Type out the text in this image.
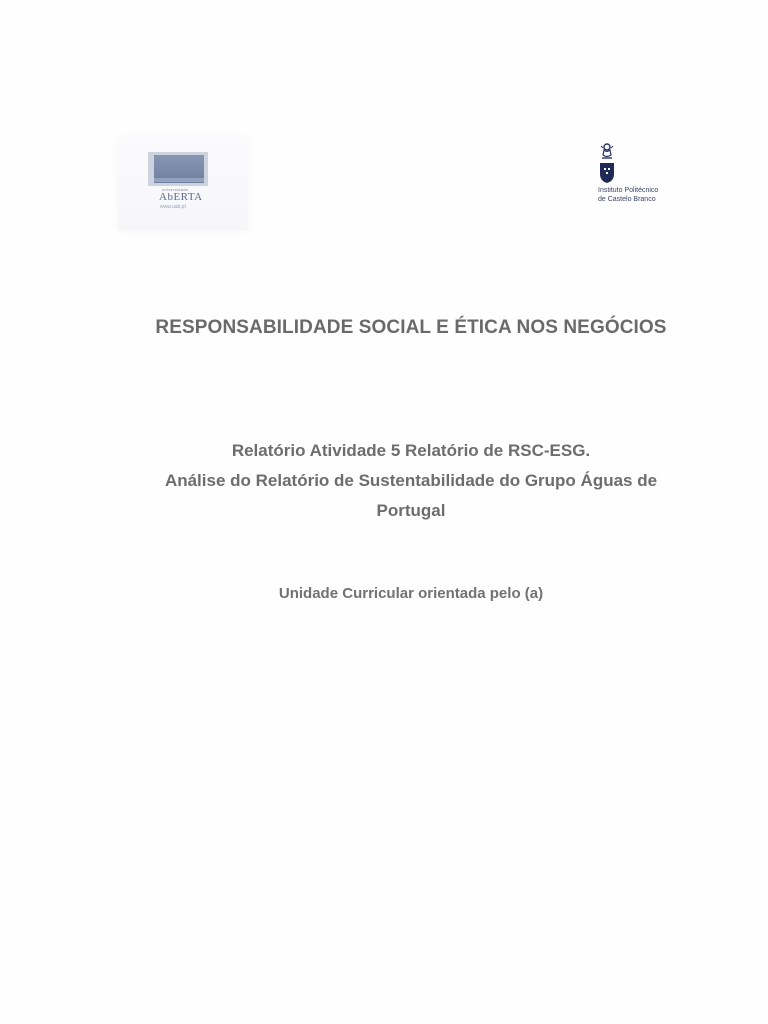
universidade
AbERTA
www.uab.pt
Instituto Politécnico
de Castelo Branco
RESPONSABILIDADE SOCIAL E ÉTICA NOS NEGÓCIOS
Relatório Atividade 5 Relatório de RSC-ESG.
Análise do Relatório de Sustentabilidade do Grupo Águas de
Portugal
Unidade Curricular orientada pelo (a)
